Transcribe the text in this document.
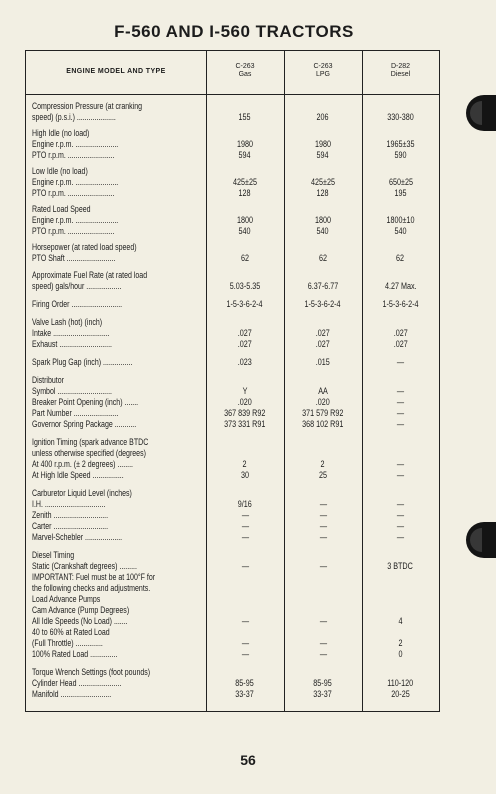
F-560 AND I-560 TRACTORS
ENGINE MODEL AND TYPE
C-263
Gas
C-263
LPG
D-282
Diesel
Compression Pressure (at cranking
speed) (p.s.i.) ....................	155	206	330-380
High Idle (no load)
Engine r.p.m. ......................	1980	1980	1965±35
PTO r.p.m. ........................	594	594	590
Low Idle (no load)
Engine r.p.m. ......................	425±25	425±25	650±25
PTO r.p.m. ........................	128	128	195
Rated Load Speed
Engine r.p.m. ......................	1800	1800	1800±10
PTO r.p.m. ........................	540	540	540
Horsepower (at rated load speed)
PTO Shaft .........................	62	62	62
Approximate Fuel Rate (at rated load
speed) gals/hour ..................	5.03-5.35	6.37-6.77	4.27 Max.
Firing Order ..........................	1-5-3-6-2-4	1-5-3-6-2-4	1-5-3-6-2-4
Valve Lash (hot) (inch)
Intake .............................	.027	.027	.027
Exhaust ...........................	.027	.027	.027
Spark Plug Gap (inch) ...............	.023	.015	—
Distributor
Symbol ............................	Y	AA	—
Breaker Point Opening (inch) .......	.020	.020	—
Part Number .......................	367 839 R92	371 579 R92	—
Governor Spring Package ...........	373 331 R91	368 102 R91	—
Ignition Timing (spark advance BTDC
unless otherwise specified (degrees)
At 400 r.p.m. (± 2 degrees) ........	2	2	—
At High Idle Speed ................	30	25	—
Carburetor Liquid Level (inches)
I.H. ...............................	9/16	—	—
Zenith ............................	—	—	—
Carter ............................	—	—	—
Marvel-Schebler ...................	—	—	—
Diesel Timing
Static (Crankshaft degrees) .........	—	—	3 BTDC
IMPORTANT: Fuel must be at 100°F for
the following checks and adjustments.
Load Advance Pumps
Cam Advance (Pump Degrees)
All Idle Speeds (No Load) .......	—	—	4
40 to 60% at Rated Load
(Full Throttle) ..............	—	—	2
100% Rated Load ..............	—	—	0
Torque Wrench Settings (foot pounds)
Cylinder Head ......................	85-95	85-95	110-120
Manifold ..........................	33-37	33-37	20-25
56
